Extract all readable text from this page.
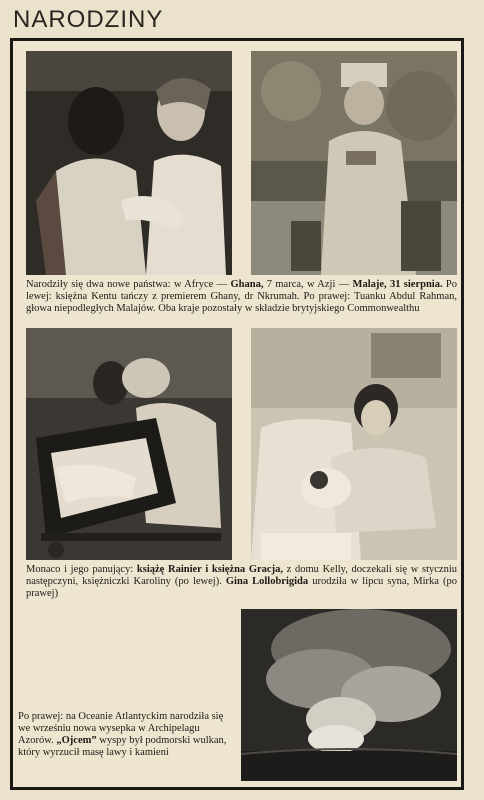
NARODZINY

Narodziły się dwa nowe państwa: w Afryce — Ghana, 7 marca, w Azji — Malaje, 31 sierpnia. Po lewej: księżna Kentu tańczy z premierem Ghany, dr Nkrumah. Po prawej: Tuanku Abdul Rahman, głowa niepodległych Malajów. Oba kraje pozostały w składzie brytyjskiego Commonwealthu

Monaco i jego panujący: książę Rainier i księżna Gracja, z domu Kelly, doczekali się w styczniu następczyni, księżniczki Karoliny (po lewej). Gina Lollobrigida urodziła w lipcu syna, Mirka (po prawej)

Po prawej: na Oceanie Atlantyckim narodziła się we wrześniu nowa wysepka w Archipelagu Azorów. „Ojcem” wyspy był podmorski wulkan, który wyrzucił masę lawy i kamieni
